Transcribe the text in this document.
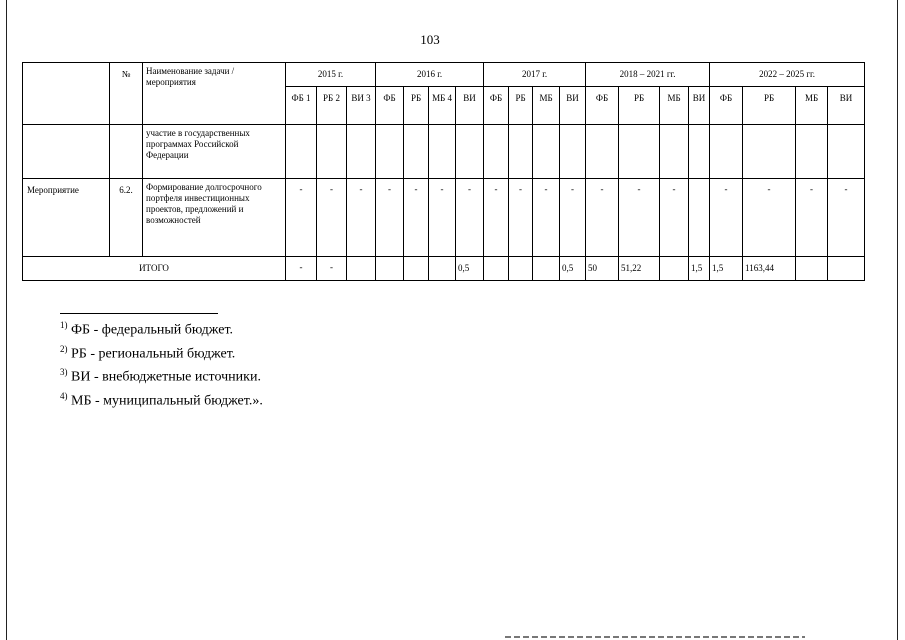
103
	№	Наименование задачи / мероприятия	2015 г.			2016 г.				2017 г.				2018 – 2021 гг.				2022 – 2025 гг.			
			ФБ 1	РБ 2	ВИ 3	ФБ	РБ	МБ 4	ВИ	ФБ	РБ	МБ	ВИ	ФБ	РБ	МБ	ВИ	ФБ	РБ	МБ	ВИ
		участие в государственных программах Российской Федерации																			
Мероприятие	6.2.	Формирование долгосрочного портфеля инвестиционных проектов, предложений и возможностей	-	-	-	-	-	-	-	-	-	-	-	-	-	-		-	-	-	-
ИТОГО			-	-					0,5				0,5	50	51,22		1,5	1,5	1163,44		
$^{1)}$ ФБ - федеральный бюджет.
$^{2)}$ РБ - региональный бюджет.
$^{3)}$ ВИ - внебюджетные источники.
$^{4)}$ МБ - муниципальный бюджет.».
